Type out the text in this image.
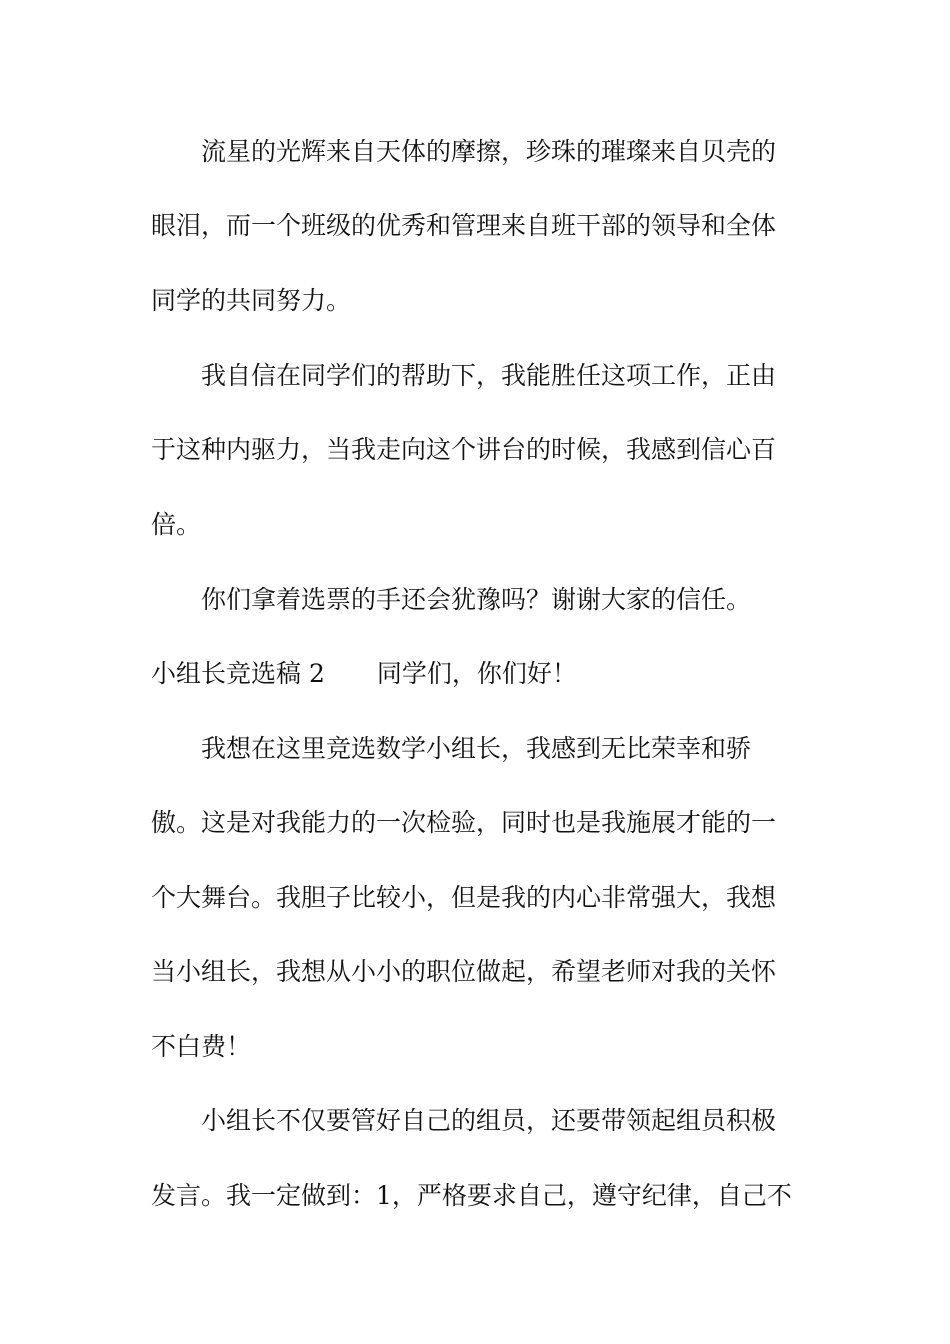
流星的光辉来自天体的摩擦，珍珠的璀璨来自贝壳的

眼泪，而一个班级的优秀和管理来自班干部的领导和全体

同学的共同努力。

我自信在同学们的帮助下，我能胜任这项工作，正由

于这种内驱力，当我走向这个讲台的时候，我感到信心百

倍。

你们拿着选票的手还会犹豫吗？谢谢大家的信任。

小组长竞选稿 2 同学们，你们好！

我想在这里竞选数学小组长，我感到无比荣幸和骄

傲。这是对我能力的一次检验，同时也是我施展才能的一

个大舞台。我胆子比较小，但是我的内心非常强大，我想

当小组长，我想从小小的职位做起，希望老师对我的关怀

不白费！

小组长不仅要管好自己的组员，还要带领起组员积极

发言。我一定做到：1，严格要求自己，遵守纪律，自己不
